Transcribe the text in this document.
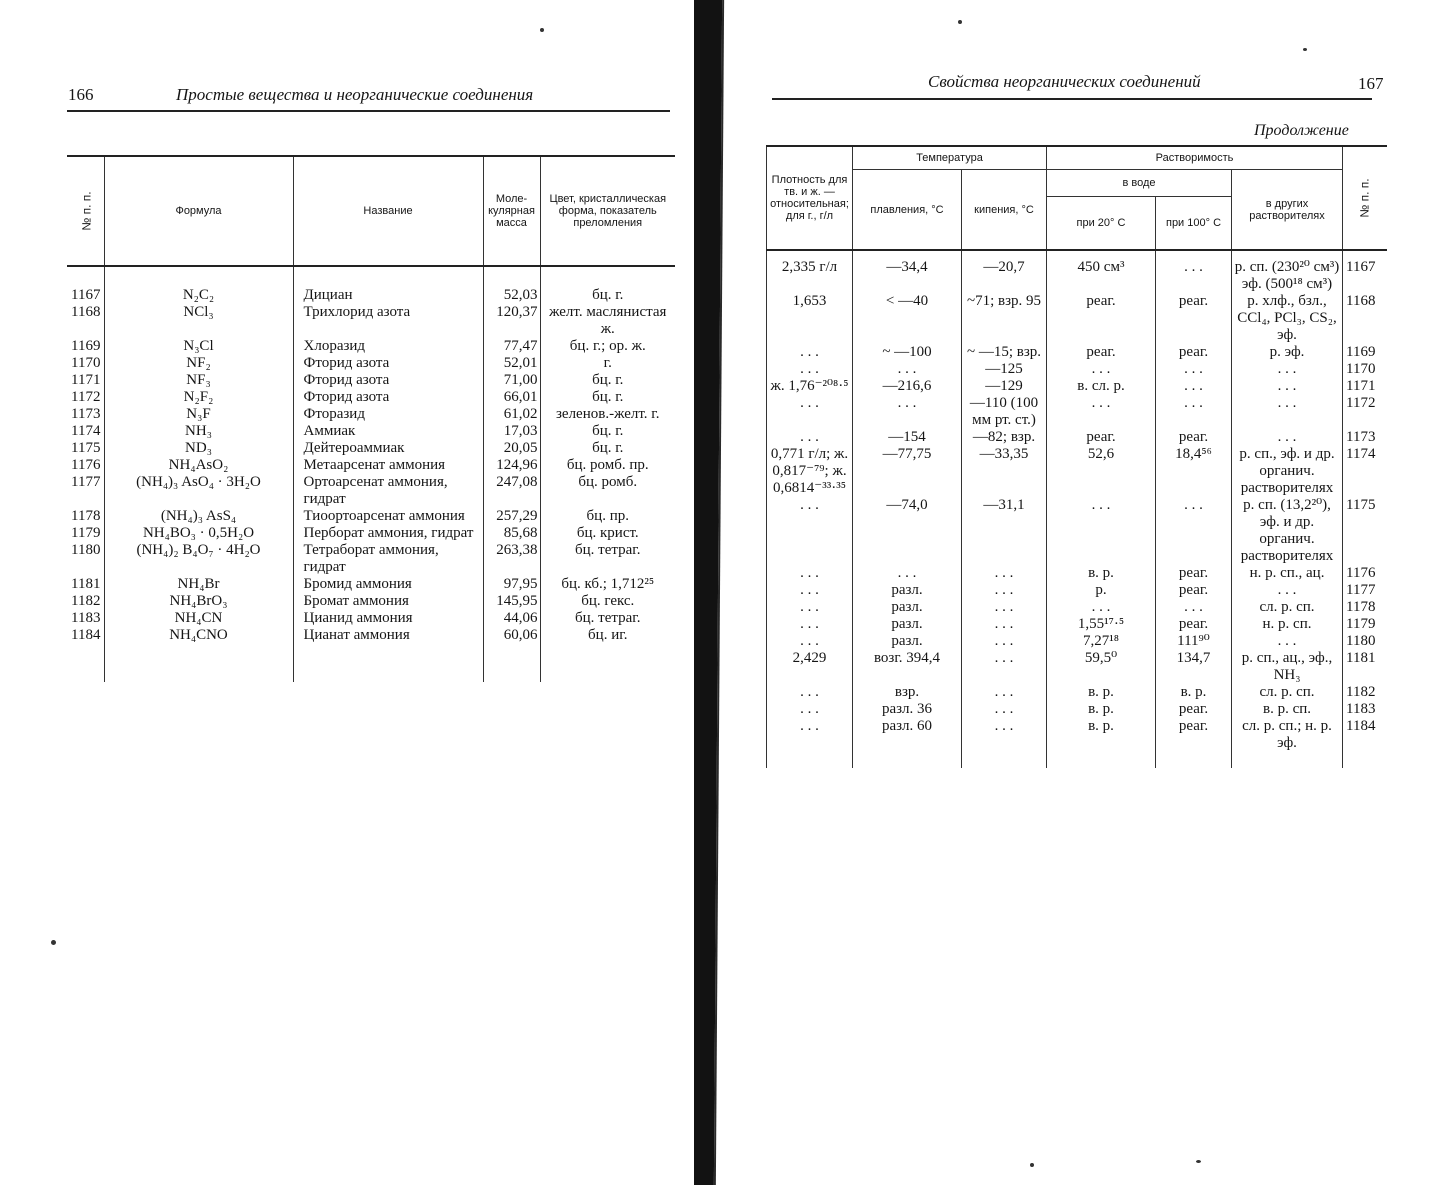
166	Простые вещества и неорганические соединения
№ п. п.	Формула	Название	Моле-кулярная масса	Цвет, кристаллическая форма, показатель преломления
1167	N₂C₂	Дициан	52,03	бц. г.
1168	NCl₃	Трихлорид азота	120,37	желт. маслянистая ж.
1169	N₃Cl	Хлоразид	77,47	бц. г.; ор. ж.
1170	NF₂	Фторид азота	52,01	г.
1171	NF₃	Фторид азота	71,00	бц. г.
1172	N₂F₂	Фторид азота	66,01	бц. г.
1173	N₃F	Фторазид	61,02	зеленов.-желт. г.
1174	NH₃	Аммиак	17,03	бц. г.
1175	ND₃	Дейтероаммиак	20,05	бц. г.
1176	NH₄AsO₂	Метаарсенат аммония	124,96	бц. ромб. пр.
1177	(NH₄)₃ AsO₄ · 3H₂O	Ортоарсенат аммония, гидрат	247,08	бц. ромб.
1178	(NH₄)₃ AsS₄	Тиоортоарсенат аммония	257,29	бц. пр.
1179	NH₄BO₃ · 0,5H₂O	Перборат аммония, гидрат	85,68	бц. крист.
1180	(NH₄)₂ B₄O₇ · 4H₂O	Тетраборат аммония, гидрат	263,38	бц. тетраг.
1181	NH₄Br	Бромид аммония	97,95	бц. кб.; 1,712²⁵
1182	NH₄BrO₃	Бромат аммония	145,95	бц. гекс.
1183	NH₄CN	Цианид аммония	44,06	бц. тетраг.
1184	NH₄CNO	Цианат аммония	60,06	бц. иг.
Свойства неорганических соединений	167
Продолжение
Плотность для тв. и ж. — относительная; для г., г/л	Температура		Растворимость			№ п. п.
	плавления, °С	кипения, °С	в воде		в других растворителях	
			при 20° С	при 100° С		
2,335 г/л	—34,4	—20,7	450 см³	. . .	р. сп. (230²⁰ см³) эф. (500¹⁸ см³)	1167
1,653	< —40	~71; взр. 95	реаг.	реаг.	р. хлф., бзл., CCl₄, PCl₃, CS₂, эф.	1168
. . .	~ —100	~ —15; взр.	реаг.	реаг.	р. эф.	1169
. . .	. . .	—125	. . .	. . .	. . .	1170
ж. 1,76⁻²⁰⁸·⁵	—216,6	—129	в. сл. р.	. . .	. . .	1171
. . .	. . .	—110 (100 мм рт. ст.)	. . .	. . .	. . .	1172
. . .	—154	—82; взр.	реаг.	реаг.	. . .	1173
0,771 г/л; ж. 0,817⁻⁷⁹; ж. 0,6814⁻³³·³⁵	—77,75	—33,35	52,6	18,4⁵⁶	р. сп., эф. и др. органич. растворителях	1174
. . .	—74,0	—31,1	. . .	. . .	р. сп. (13,2²⁰), эф. и др. органич. растворителях	1175
. . .	. . .	. . .	в. р.	реаг.	н. р. сп., ац.	1176
. . .	разл.	. . .	р.	реаг.	. . .	1177
. . .	разл.	. . .	. . .	. . .	сл. р. сп.	1178
. . .	разл.	. . .	1,55¹⁷·⁵	реаг.	н. р. сп.	1179
. . .	разл.	. . .	7,27¹⁸	111⁹⁰	. . .	1180
2,429	возг. 394,4	. . .	59,5⁰	134,7	р. сп., ац., эф., NH₃	1181
. . .	взр.	. . .	в. р.	в. р.	сл. р. сп.	1182
. . .	разл. 36	. . .	в. р.	реаг.	в. р. сп.	1183
. . .	разл. 60	. . .	в. р.	реаг.	сл. р. сп.; н. р. эф.	1184
